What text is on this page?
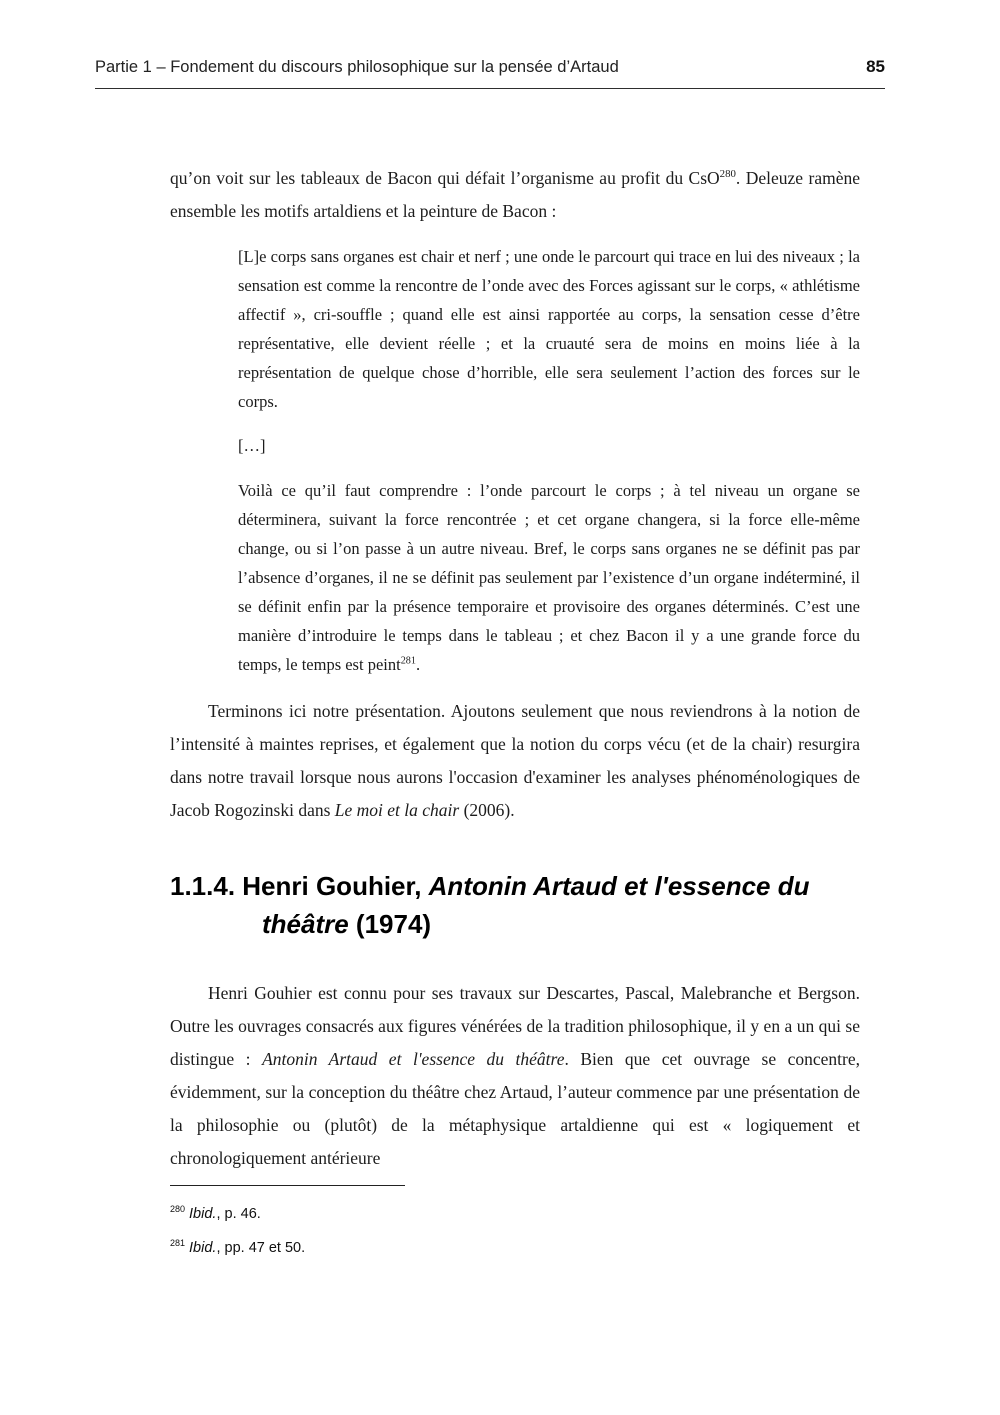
Partie 1 – Fondement du discours philosophique sur la pensée d’Artaud	85

qu’on voit sur les tableaux de Bacon qui défait l’organisme au profit du CsO$^{280}$. Deleuze ramène ensemble les motifs artaldiens et la peinture de Bacon :

[L]e corps sans organes est chair et nerf ; une onde le parcourt qui trace en lui des niveaux ; la sensation est comme la rencontre de l’onde avec des Forces agissant sur le corps, « athlétisme affectif », cri-souffle ; quand elle est ainsi rapportée au corps, la sensation cesse d’être représentative, elle devient réelle ; et la cruauté sera de moins en moins liée à la représentation de quelque chose d’horrible, elle sera seulement l’action des forces sur le corps.

[…]

Voilà ce qu’il faut comprendre : l’onde parcourt le corps ; à tel niveau un organe se déterminera, suivant la force rencontrée ; et cet organe changera, si la force elle-même change, ou si l’on passe à un autre niveau. Bref, le corps sans organes ne se définit pas par l’absence d’organes, il ne se définit pas seulement par l’existence d’un organe indéterminé, il se définit enfin par la présence temporaire et provisoire des organes déterminés. C’est une manière d’introduire le temps dans le tableau ; et chez Bacon il y a une grande force du temps, le temps est peint$^{281}$.

Terminons ici notre présentation. Ajoutons seulement que nous reviendrons à la notion de l’intensité à maintes reprises, et également que la notion du corps vécu (et de la chair) resurgira dans notre travail lorsque nous aurons l'occasion d'examiner les analyses phénoménologiques de Jacob Rogozinski dans Le moi et la chair (2006).

1.1.4. Henri Gouhier, Antonin Artaud et l'essence du théâtre (1974)

Henri Gouhier est connu pour ses travaux sur Descartes, Pascal, Malebranche et Bergson. Outre les ouvrages consacrés aux figures vénérées de la tradition philosophique, il y en a un qui se distingue : Antonin Artaud et l'essence du théâtre. Bien que cet ouvrage se concentre, évidemment, sur la conception du théâtre chez Artaud, l’auteur commence par une présentation de la philosophie ou (plutôt) de la métaphysique artaldienne qui est « logiquement et chronologiquement antérieure

$^{280}$ Ibid., p. 46.

$^{281}$ Ibid., pp. 47 et 50.
